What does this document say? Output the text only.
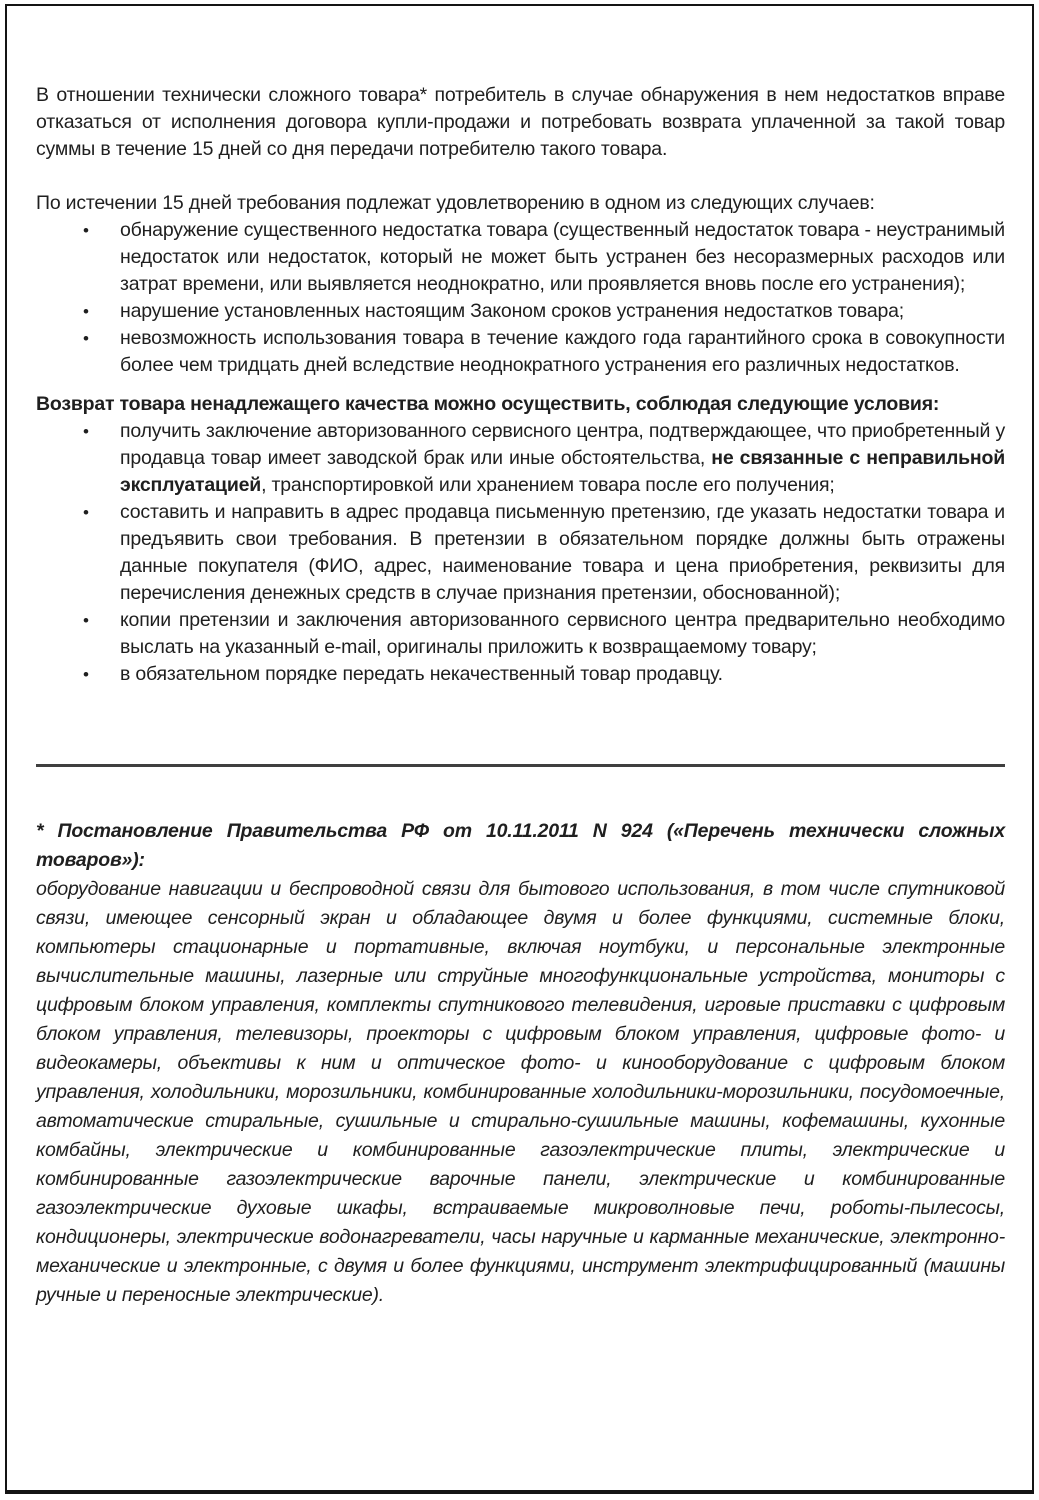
В отношении технически сложного товара* потребитель в случае обнаружения в нем недостатков вправе отказаться от исполнения договора купли-продажи и потребовать возврата уплаченной за такой товар суммы в течение 15 дней со дня передачи потребителю такого товара.

По истечении 15 дней требования подлежат удовлетворению в одном из следующих случаев:

•	обнаружение существенного недостатка товара (существенный недостаток товара - неустранимый недостаток или недостаток, который не может быть устранен без несоразмерных расходов или затрат времени, или выявляется неоднократно, или проявляется вновь после его устранения);
•	нарушение установленных настоящим Законом сроков устранения недостатков товара;
•	невозможность использования товара в течение каждого года гарантийного срока в совокупности более чем тридцать дней вследствие неоднократного устранения его различных недостатков.

Возврат товара ненадлежащего качества можно осуществить, соблюдая следующие условия:

•	получить заключение авторизованного сервисного центра, подтверждающее, что приобретенный у продавца товар имеет заводской брак или иные обстоятельства, не связанные с неправильной эксплуатацией, транспортировкой или хранением товара после его получения;
•	составить и направить в адрес продавца письменную претензию, где указать недостатки товара и предъявить свои требования. В претензии в обязательном порядке должны быть отражены данные покупателя (ФИО, адрес, наименование товара и цена приобретения, реквизиты для перечисления денежных средств в случае признания претензии, обоснованной);
•	копии претензии и заключения авторизованного сервисного центра предварительно необходимо выслать на указанный e-mail, оригиналы приложить к возвращаемому товару;
•	в обязательном порядке передать некачественный товар продавцу.

* Постановление Правительства РФ от 10.11.2011 N 924 («Перечень технически сложных товаров»):

оборудование навигации и беспроводной связи для бытового использования, в том числе спутниковой связи, имеющее сенсорный экран и обладающее двумя и более функциями, системные блоки, компьютеры стационарные и портативные, включая ноутбуки, и персональные электронные вычислительные машины, лазерные или струйные многофункциональные устройства, мониторы с цифровым блоком управления, комплекты спутникового телевидения, игровые приставки с цифровым блоком управления, телевизоры, проекторы с цифровым блоком управления, цифровые фото- и видеокамеры, объективы к ним и оптическое фото- и кинооборудование с цифровым блоком управления, холодильники, морозильники, комбинированные холодильники-морозильники, посудомоечные, автоматические стиральные, сушильные и стирально-сушильные машины, кофемашины, кухонные комбайны, электрические и комбинированные газоэлектрические плиты, электрические и комбинированные газоэлектрические варочные панели, электрические и комбинированные газоэлектрические духовые шкафы, встраиваемые микроволновые печи, роботы-пылесосы, кондиционеры, электрические водонагреватели, часы наручные и карманные механические, электронно-механические и электронные, с двумя и более функциями, инструмент электрифицированный (машины ручные и переносные электрические).
